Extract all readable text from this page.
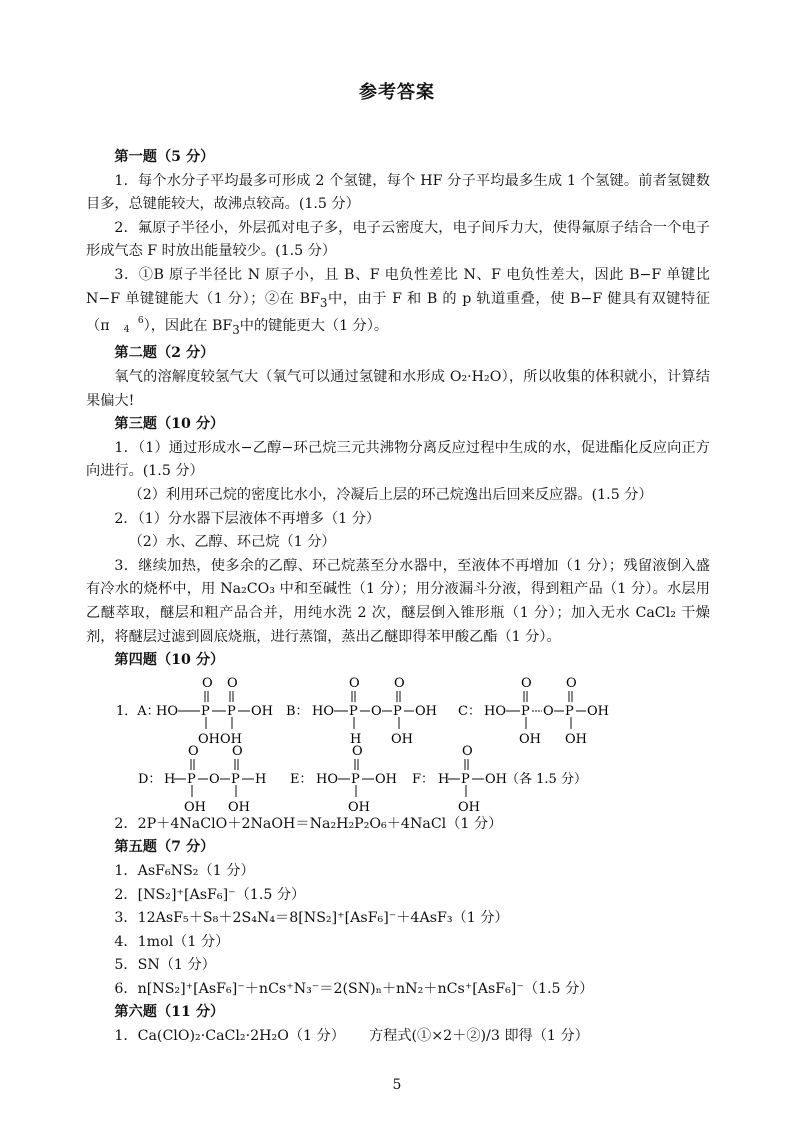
参考答案

第一题（5 分）

1．每个水分子平均最多可形成 2 个氢键，每个 HF 分子平均最多生成 1 个氢键。前者氢键数目多，总键能较大，故沸点较高。(1.5 分）

2．氟原子半径小，外层孤对电子多，电子云密度大，电子间斥力大，使得氟原子结合一个电子形成气态 F 时放出能量较少。(1.5 分）

3．①B 原子半径比 N 原子小，且 B、F 电负性差比 N、F 电负性差大，因此 B−F 单键比 N−F 单键键能大（1 分）；②在 $BF_3$中，由于 F 和 B 的 p 轨道重叠，使 B−F 健具有双键特征（π	6
4 ），因此在 $BF_3$中的键能更大（1 分）。

第二题（2 分）

氧气的溶解度较氢气大（氧气可以通过氢键和水形成 O₂·H₂O），所以收集的体积就小，计算结果偏大!

第三题（10 分）

1．（1）通过形成水−乙醇−环己烷三元共沸物分离反应过程中生成的水，促进酯化反应向正方向进行。(1.5 分）

（2）利用环己烷的密度比水小，冷凝后上层的环己烷逸出后回来反应器。(1.5 分）

2．（1）分水器下层液体不再增多（1 分）

（2）水、乙醇、环己烷（1 分）

3．继续加热，使多余的乙醇、环己烷蒸至分水器中，至液体不再增加（1 分）；残留液倒入盛有冷水的烧杯中，用 Na₂CO₃ 中和至碱性（1 分）；用分液漏斗分液，得到粗产品（1 分）。水层用乙醚萃取，醚层和粗产品合并，用纯水洗 2 次，醚层倒入锥形瓶（1 分）；加入无水 CaCl₂ 干燥剂，将醚层过滤到圆底烧瓶，进行蒸馏，蒸出乙醚即得苯甲酸乙酯（1 分）。

第四题（10 分）

1．A：
HO P P OH
O O
OHOH
B： HO P O P OH
O	O
H OH
C： HO P O P OH
O	O
OH OH
D： H P O P H
O	O
OH OH
E： HO P OH
O
OH
F： H P OH
O
OH
（各 1.5 分）

2．2P＋4NaClO＋2NaOH＝Na₂H₂P₂O₆＋4NaCl（1 分）

第五题（7 分）

1．AsF₆NS₂（1 分）

2．[NS₂]⁺[AsF₆]⁻（1.5 分）

3．12AsF₅＋S₈＋2S₄N₄＝8[NS₂]⁺[AsF₆]⁻＋4AsF₃（1 分）

4．1mol（1 分）

5．SN（1 分）

6．n[NS₂]⁺[AsF₆]⁻＋nCs⁺N₃⁻＝2(SN)ₙ＋nN₂＋nCs⁺[AsF₆]⁻（1.5 分）

第六题（11 分）

1．Ca(ClO)₂·CaCl₂·2H₂O（1 分） 方程式(①×2＋②)/3 即得（1 分）

5
